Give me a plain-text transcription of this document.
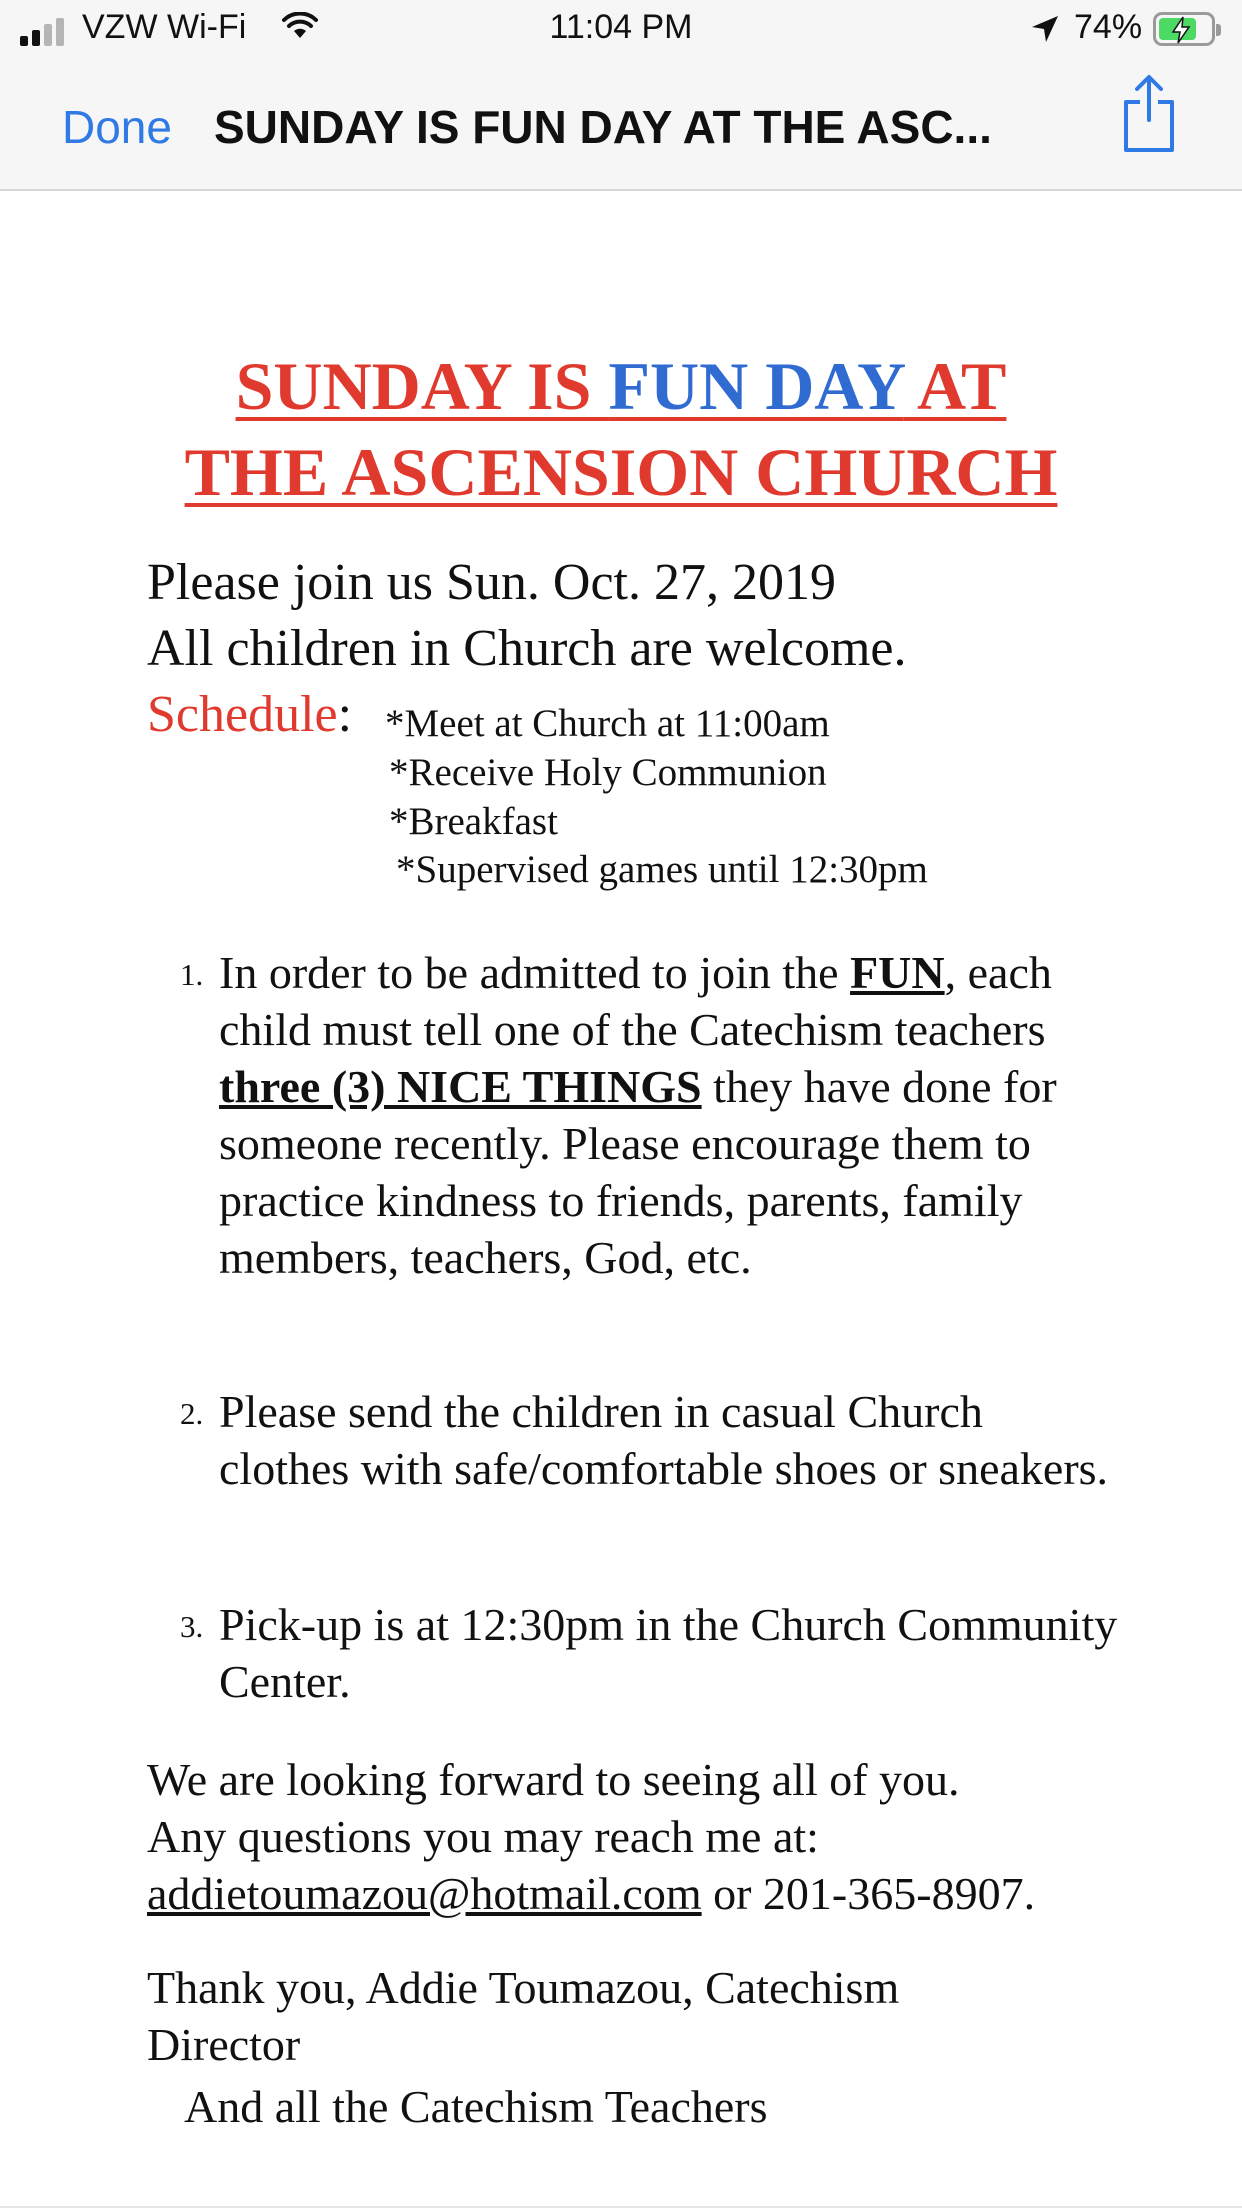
VZW Wi-Fi	11:04 PM	74%
Done SUNDAY IS FUN DAY AT THE ASC...
SUNDAY IS FUN DAY AT
THE ASCENSION CHURCH
Please join us Sun. Oct. 27, 2019
All children in Church are welcome.
Schedule: *Meet at Church at 11:00am
*Receive Holy Communion
*Breakfast
*Supervised games until 12:30pm
1. In order to be admitted to join the FUN, each child must tell one of the Catechism teachers three (3) NICE THINGS they have done for someone recently. Please encourage them to practice kindness to friends, parents, family members, teachers, God, etc.
2. Please send the children in casual Church clothes with safe/comfortable shoes or sneakers.
3. Pick-up is at 12:30pm in the Church Community Center.
We are looking forward to seeing all of you.
Any questions you may reach me at:
addietoumazou@hotmail.com or 201-365-8907.
Thank you, Addie Toumazou, Catechism Director
And all the Catechism Teachers
